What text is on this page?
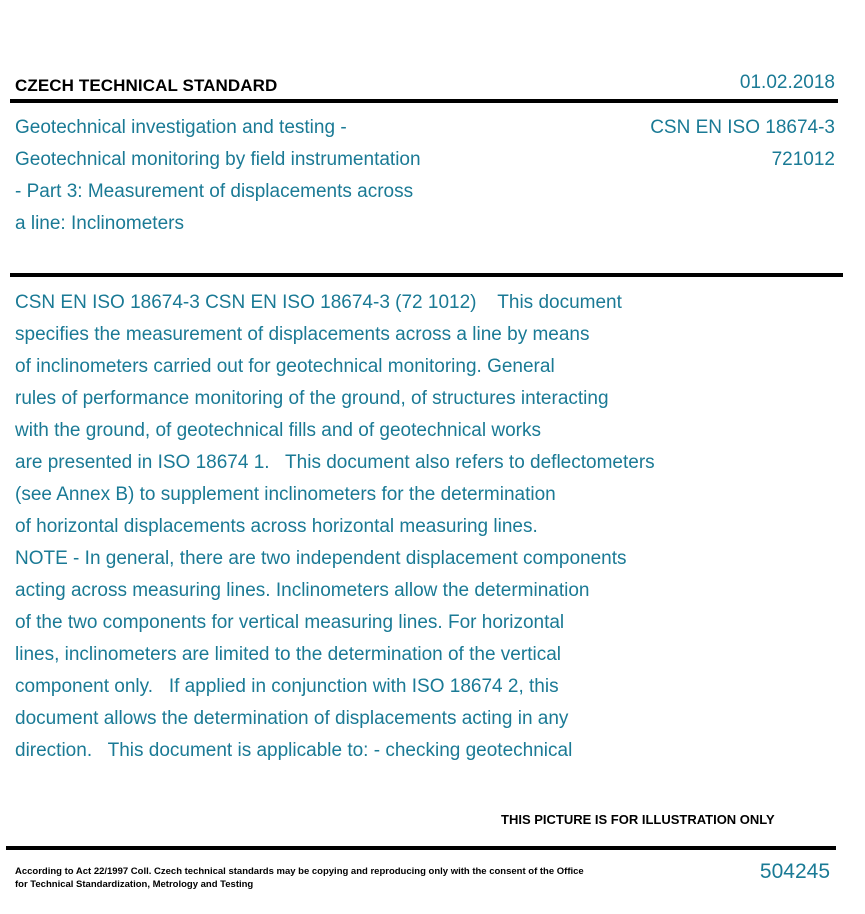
CZECH TECHNICAL STANDARD	01.02.2018
Geotechnical investigation and testing -
Geotechnical monitoring by field instrumentation
- Part 3: Measurement of displacements across
a line: Inclinometers
CSN EN ISO 18674-3
721012
CSN EN ISO 18674-3 CSN EN ISO 18674-3 (72 1012)    This document
specifies the measurement of displacements across a line by means
of inclinometers carried out for geotechnical monitoring. General
rules of performance monitoring of the ground, of structures interacting
with the ground, of geotechnical fills and of geotechnical works
are presented in ISO 18674 1.   This document also refers to deflectometers
(see Annex B) to supplement inclinometers for the determination
of horizontal displacements across horizontal measuring lines.
NOTE - In general, there are two independent displacement components
acting across measuring lines. Inclinometers allow the determination
of the two components for vertical measuring lines. For horizontal
lines, inclinometers are limited to the determination of the vertical
component only.   If applied in conjunction with ISO 18674 2, this
document allows the determination of displacements acting in any
direction.   This document is applicable to: - checking geotechnical
THIS PICTURE IS FOR ILLUSTRATION ONLY
According to Act 22/1997 Coll. Czech technical standards may be copying and reproducing only with the consent of the Office
for Technical Standardization, Metrology and Testing
504245
